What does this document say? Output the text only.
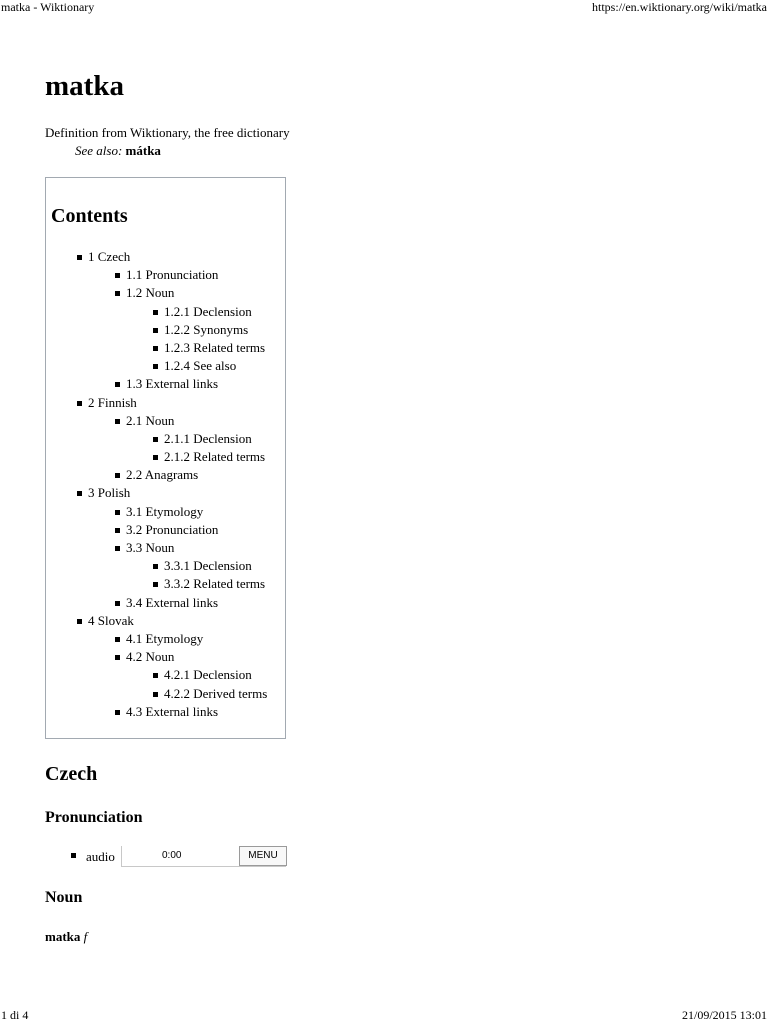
matka - Wiktionary	https://en.wiktionary.org/wiki/matka
matka
Definition from Wiktionary, the free dictionary
See also: mátka
Contents
1 Czech
1.1 Pronunciation
1.2 Noun
1.2.1 Declension
1.2.2 Synonyms
1.2.3 Related terms
1.2.4 See also
1.3 External links
2 Finnish
2.1 Noun
2.1.1 Declension
2.1.2 Related terms
2.2 Anagrams
3 Polish
3.1 Etymology
3.2 Pronunciation
3.3 Noun
3.3.1 Declension
3.3.2 Related terms
3.4 External links
4 Slovak
4.1 Etymology
4.2 Noun
4.2.1 Declension
4.2.2 Derived terms
4.3 External links
Czech
Pronunciation
audio	0:00	MENU
Noun
matka f
1 di 4	21/09/2015 13:01
